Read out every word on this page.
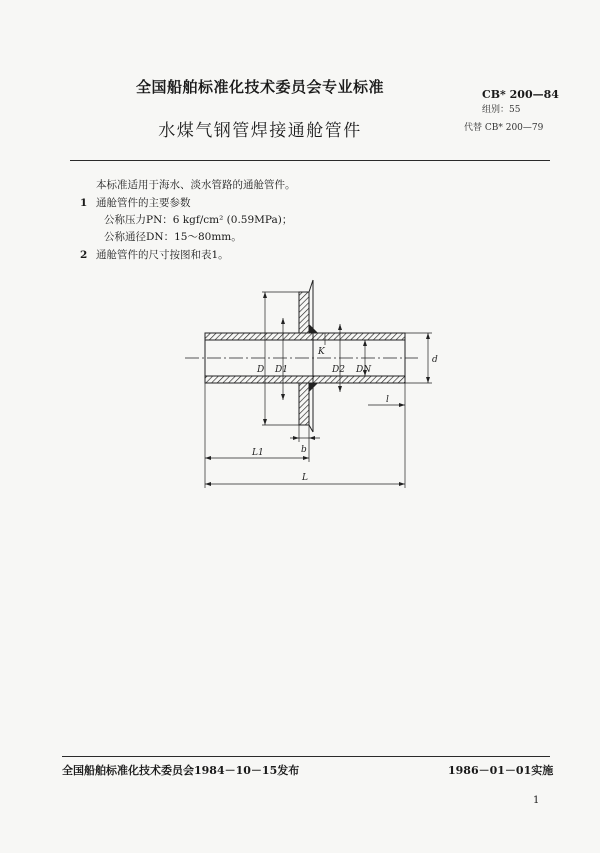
全国船舶标准化技术委员会专业标准
水煤气钢管焊接通舱管件
CB* 200—84
组别：55
代替 CB* 200—79
本标准适用于海水、淡水管路的通舱管件。
1 通舱管件的主要参数
公称压力PN：6 kgf/cm² (0.59MPa)；
公称通径DN：15～80mm。
2 通舱管件的尺寸按图和表1。
D D1	D2 DN
d
K
l
b
L1
L
全国船舶标准化技术委员会1984－10－15发布	1986－01－01实施
1
